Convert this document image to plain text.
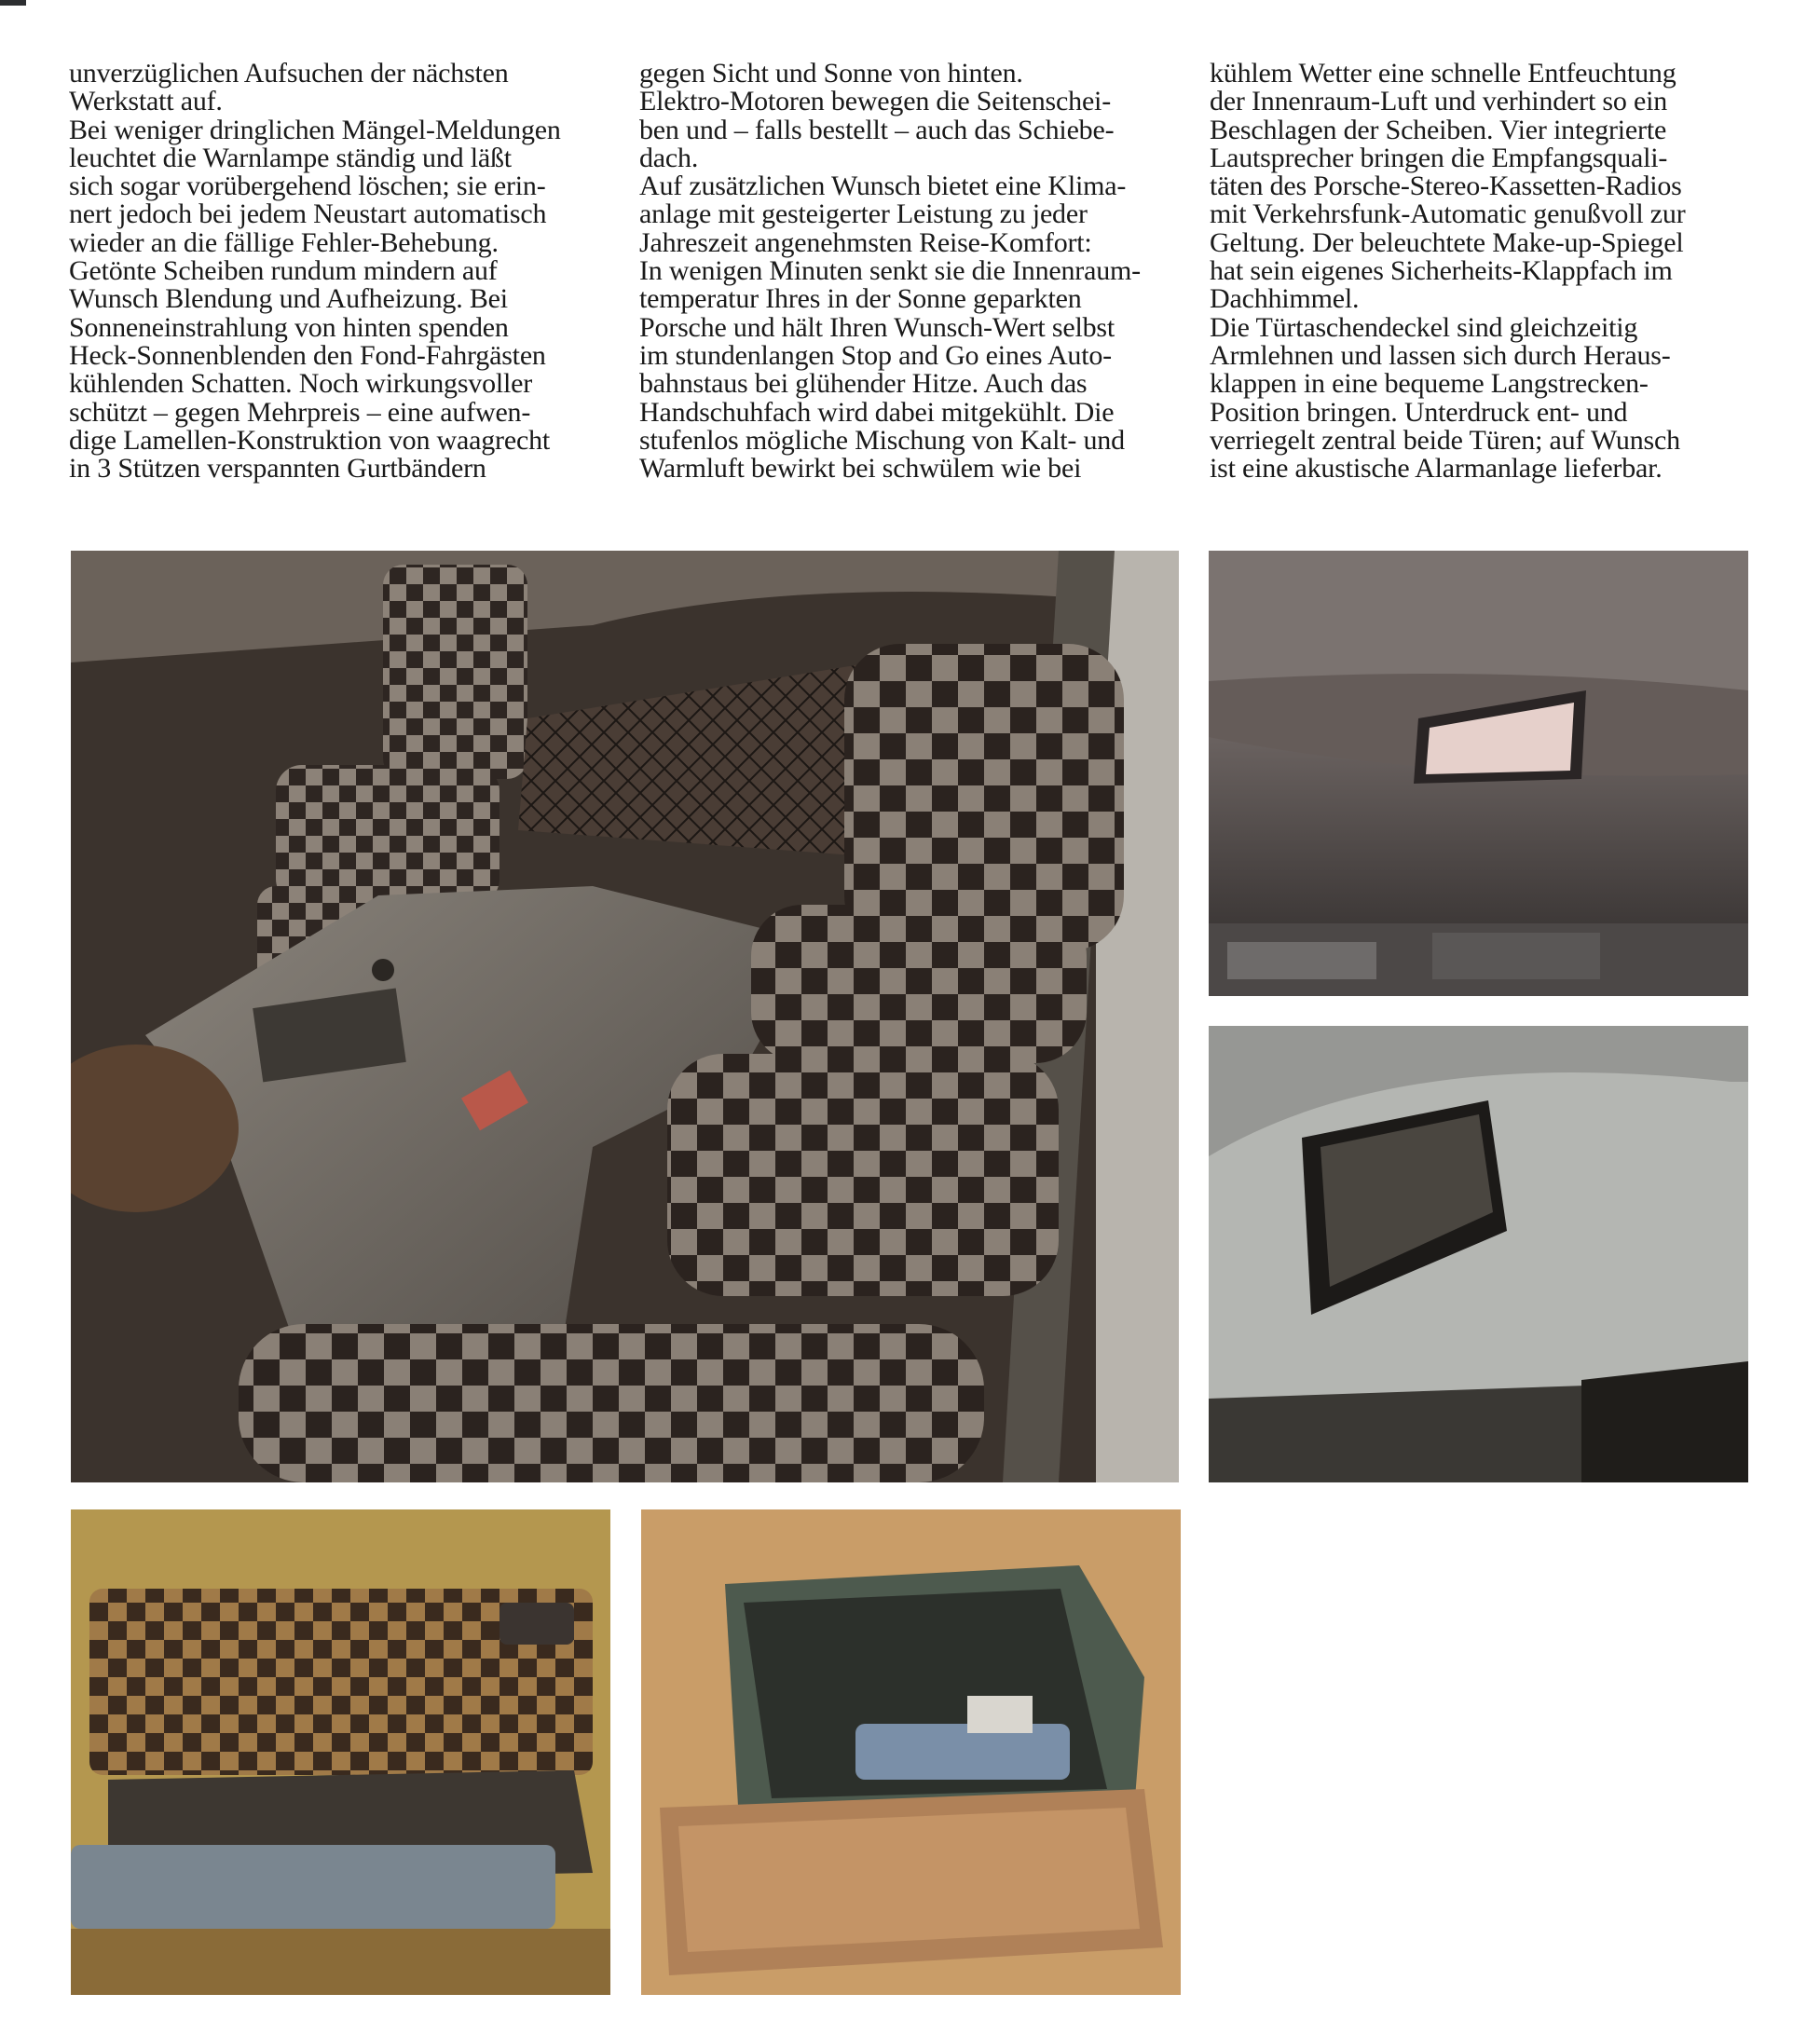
unverzüglichen Aufsuchen der nächsten

Werkstatt auf.

Bei weniger dringlichen Mängel-Meldungen

leuchtet die Warnlampe ständig und läßt

sich sogar vorübergehend löschen; sie erin-

nert jedoch bei jedem Neustart automatisch

wieder an die fällige Fehler-Behebung.

Getönte Scheiben rundum mindern auf

Wunsch Blendung und Aufheizung. Bei

Sonneneinstrahlung von hinten spenden

Heck-Sonnenblenden den Fond-Fahrgästen

kühlenden Schatten. Noch wirkungsvoller

schützt – gegen Mehrpreis – eine aufwen-

dige Lamellen-Konstruktion von waagrecht

in 3 Stützen verspannten Gurtbändern

gegen Sicht und Sonne von hinten.

Elektro-Motoren bewegen die Seitenschei-

ben und – falls bestellt – auch das Schiebe-

dach.

Auf zusätzlichen Wunsch bietet eine Klima-

anlage mit gesteigerter Leistung zu jeder

Jahreszeit angenehmsten Reise-Komfort:

In wenigen Minuten senkt sie die Innenraum-

temperatur Ihres in der Sonne geparkten

Porsche und hält Ihren Wunsch-Wert selbst

im stundenlangen Stop and Go eines Auto-

bahnstaus bei glühender Hitze. Auch das

Handschuhfach wird dabei mitgekühlt. Die

stufenlos mögliche Mischung von Kalt- und

Warmluft bewirkt bei schwülem wie bei

kühlem Wetter eine schnelle Entfeuchtung

der Innenraum-Luft und verhindert so ein

Beschlagen der Scheiben. Vier integrierte

Lautsprecher bringen die Empfangsquali-

täten des Porsche-Stereo-Kassetten-Radios

mit Verkehrsfunk-Automatic genußvoll zur

Geltung. Der beleuchtete Make-up-Spiegel

hat sein eigenes Sicherheits-Klappfach im

Dachhimmel.

Die Türtaschendeckel sind gleichzeitig

Armlehnen und lassen sich durch Heraus-

klappen in eine bequeme Langstrecken-

Position bringen. Unterdruck ent- und

verriegelt zentral beide Türen; auf Wunsch

ist eine akustische Alarmanlage lieferbar.
